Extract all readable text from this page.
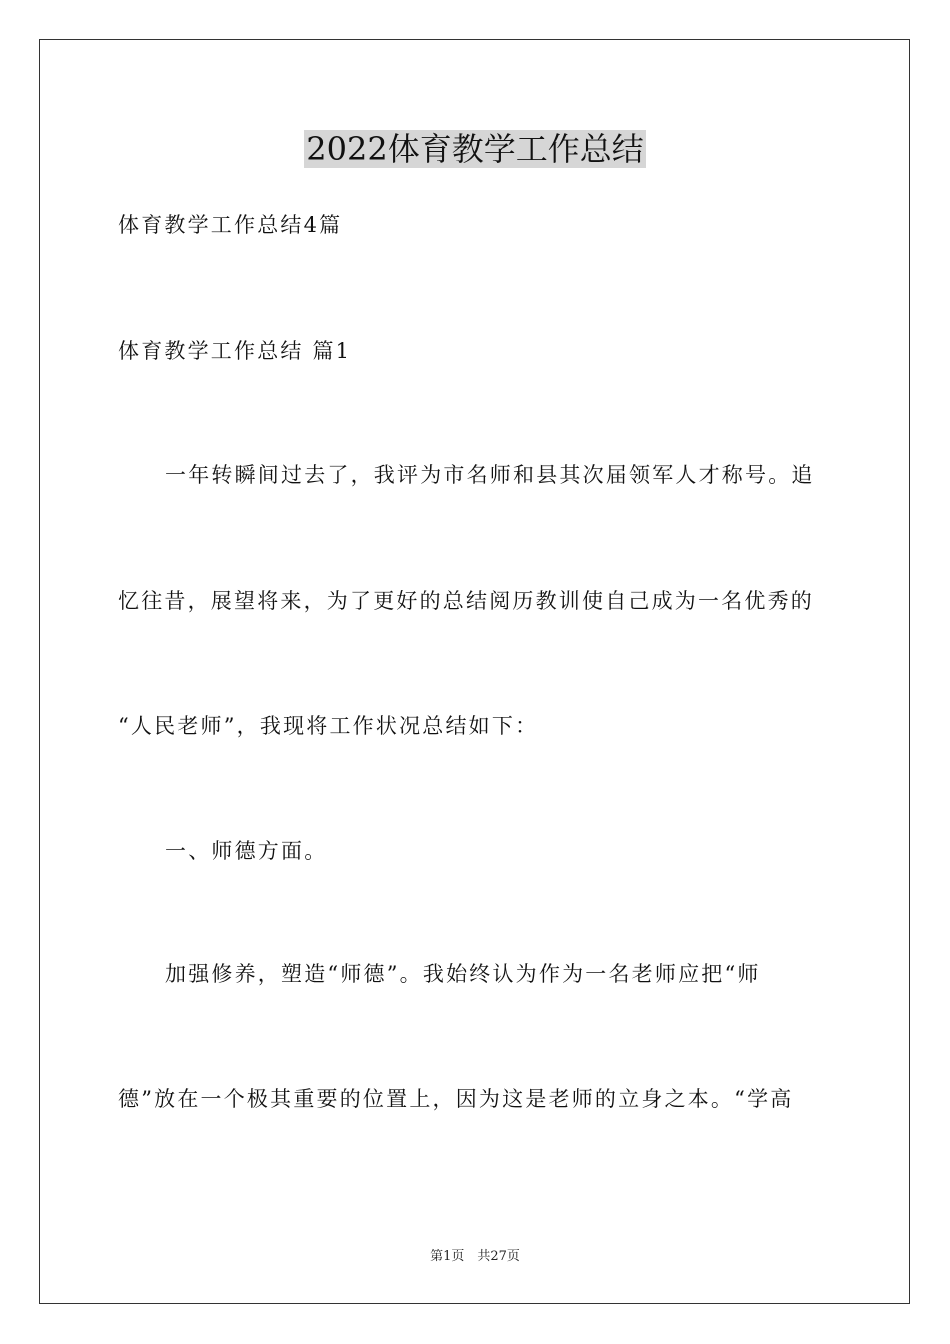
2022体育教学工作总结
体育教学工作总结4篇
体育教学工作总结 篇1
一年转瞬间过去了，我评为市名师和县其次届领军人才称号。追
忆往昔，展望将来，为了更好的总结阅历教训使自己成为一名优秀的
“人民老师”，我现将工作状况总结如下：
一、师德方面。
加强修养，塑造“师德”。我始终认为作为一名老师应把“师
德”放在一个极其重要的位置上，因为这是老师的立身之本。“学高
第1页　共27页
